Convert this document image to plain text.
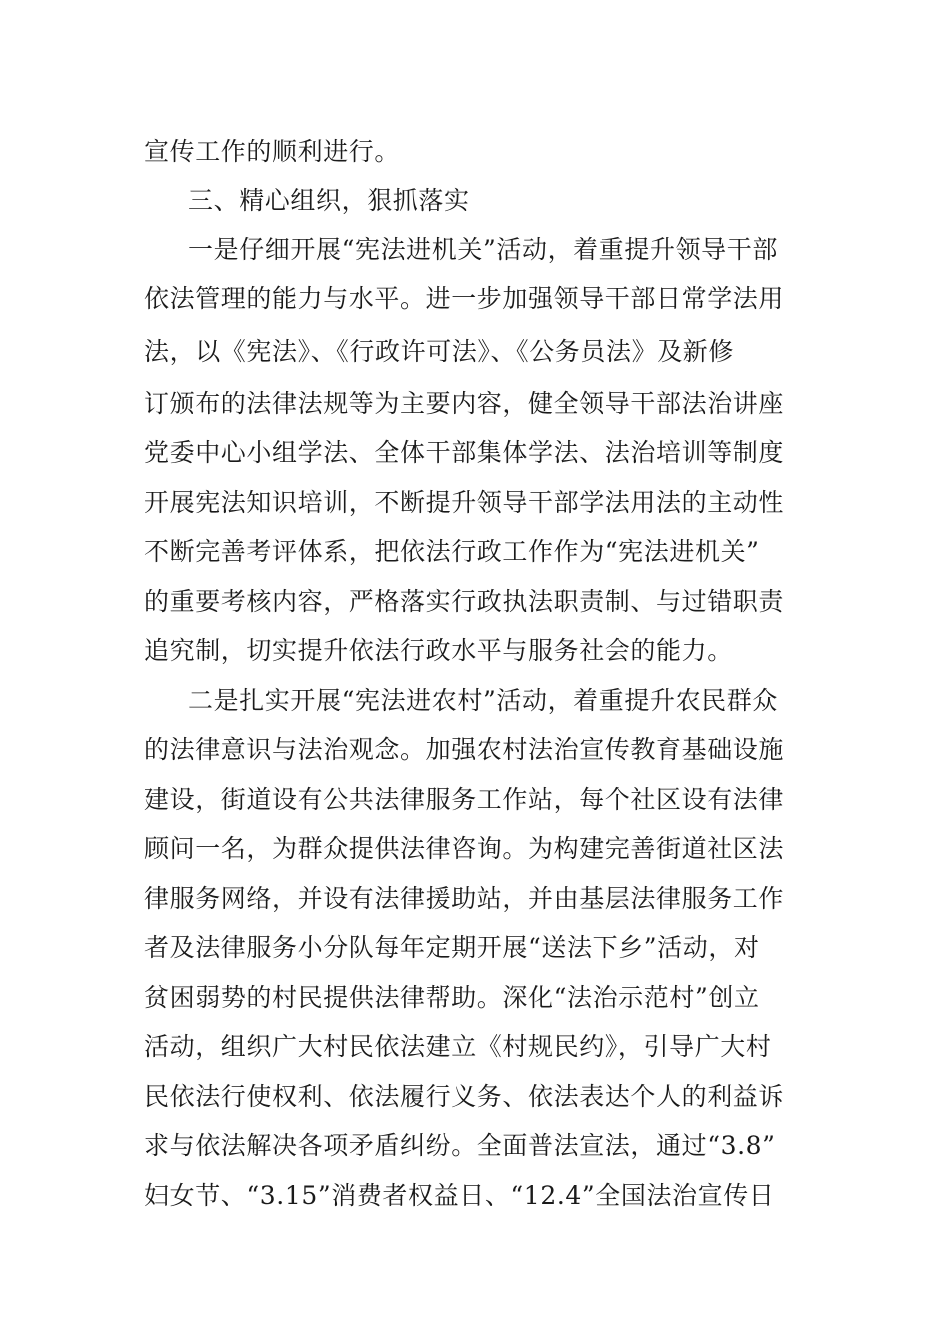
宣传工作的顺利进行。
三、精心组织，狠抓落实
一是仔细开展“宪法进机关”活动，着重提升领导干部
依法管理的能力与水平。进一步加强领导干部日常学法用
法，以《宪法》、《行政许可法》、《公务员法》及新修
订颁布的法律法规等为主要内容，健全领导干部法治讲座
党委中心小组学法、全体干部集体学法、法治培训等制度
开展宪法知识培训，不断提升领导干部学法用法的主动性
不断完善考评体系，把依法行政工作作为“宪法进机关”
的重要考核内容，严格落实行政执法职责制、与过错职责
追究制，切实提升依法行政水平与服务社会的能力。
二是扎实开展“宪法进农村”活动，着重提升农民群众
的法律意识与法治观念。加强农村法治宣传教育基础设施
建设，街道设有公共法律服务工作站，每个社区设有法律
顾问一名，为群众提供法律咨询。为构建完善街道社区法
律服务网络，并设有法律援助站，并由基层法律服务工作
者及法律服务小分队每年定期开展“送法下乡”活动，对
贫困弱势的村民提供法律帮助。深化“法治示范村”创立
活动，组织广大村民依法建立《村规民约》，引导广大村
民依法行使权利、依法履行义务、依法表达个人的利益诉
求与依法解决各项矛盾纠纷。全面普法宣法，通过“3.8”
妇女节、“3.15”消费者权益日、“12.4”全国法治宣传日
